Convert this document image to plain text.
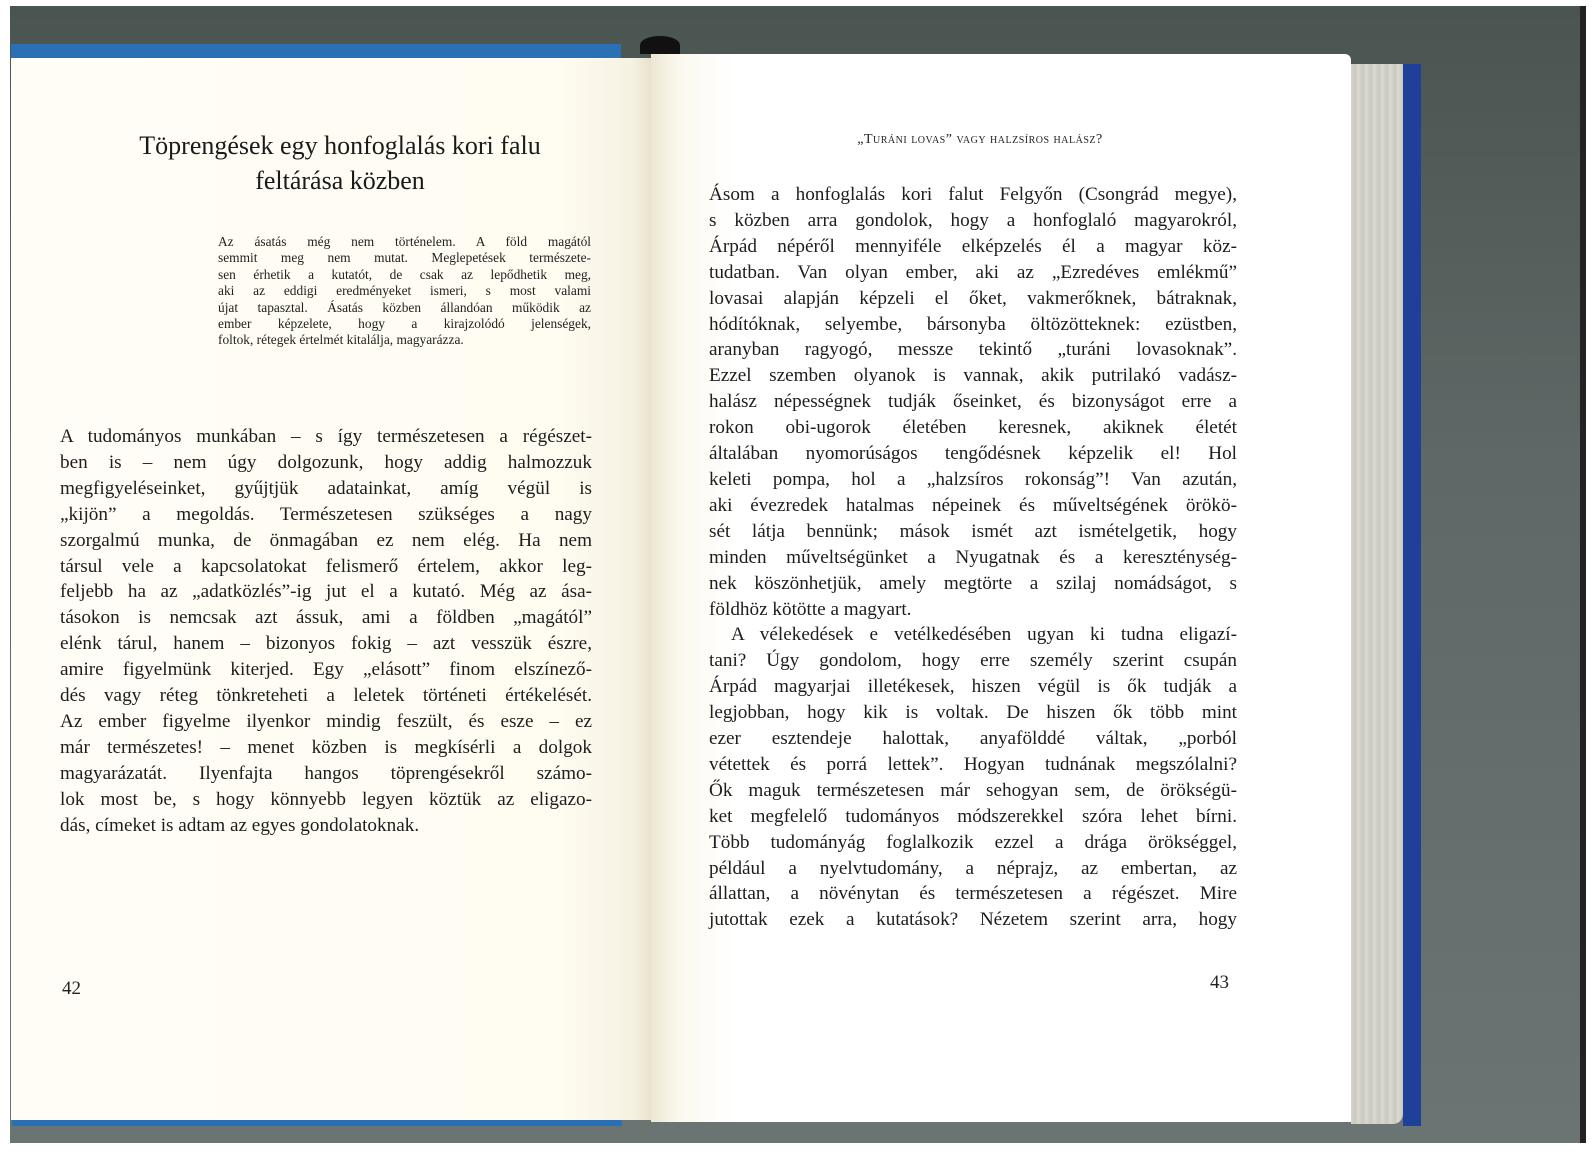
Töprengések egy honfoglalás kori falu
feltárása közben
Az ásatás még nem történelem. A föld magától
semmit meg nem mutat. Meglepetések természete-
sen érhetik a kutatót, de csak az lepődhetik meg,
aki az eddigi eredményeket ismeri, s most valami
újat tapasztal. Ásatás közben állandóan működik az
ember képzelete, hogy a kirajzolódó jelenségek,
foltok, rétegek értelmét kitalálja, magyarázza.
A tudományos munkában – s így természetesen a régészet-
ben is – nem úgy dolgozunk, hogy addig halmozzuk
megfigyeléseinket, gyűjtjük adatainkat, amíg végül is
„kijön” a megoldás. Természetesen szükséges a nagy
szorgalmú munka, de önmagában ez nem elég. Ha nem
társul vele a kapcsolatokat felismerő értelem, akkor leg-
feljebb ha az „adatközlés”-ig jut el a kutató. Még az ása-
tásokon is nemcsak azt ássuk, ami a földben „magától”
elénk tárul, hanem – bizonyos fokig – azt vesszük észre,
amire figyelmünk kiterjed. Egy „elásott” finom elszínező-
dés vagy réteg tönkreteheti a leletek történeti értékelését.
Az ember figyelme ilyenkor mindig feszült, és esze – ez
már természetes! – menet közben is megkísérli a dolgok
magyarázatát. Ilyenfajta hangos töprengésekről számo-
lok most be, s hogy könnyebb legyen köztük az eligazo-
dás, címeket is adtam az egyes gondolatoknak.
42
„Turáni lovas” vagy halzsíros halász?
Ásom a honfoglalás kori falut Felgyőn (Csongrád megye),
s közben arra gondolok, hogy a honfoglaló magyarokról,
Árpád népéről mennyiféle elképzelés él a magyar köz-
tudatban. Van olyan ember, aki az „Ezredéves emlékmű”
lovasai alapján képzeli el őket, vakmerőknek, bátraknak,
hódítóknak, selyembe, bársonyba öltözötteknek: ezüstben,
aranyban ragyogó, messze tekintő „turáni lovasoknak”.
Ezzel szemben olyanok is vannak, akik putrilakó vadász-
halász népességnek tudják őseinket, és bizonyságot erre a
rokon obi-ugorok életében keresnek, akiknek életét
általában nyomorúságos tengődésnek képzelik el! Hol
keleti pompa, hol a „halzsíros rokonság”! Van azután,
aki évezredek hatalmas népeinek és műveltségének örökö-
sét látja bennünk; mások ismét azt ismételgetik, hogy
minden műveltségünket a Nyugatnak és a kereszténység-
nek köszönhetjük, amely megtörte a szilaj nomádságot, s
földhöz kötötte a magyart.
A vélekedések e vetélkedésében ugyan ki tudna eligazí-
tani? Úgy gondolom, hogy erre személy szerint csupán
Árpád magyarjai illetékesek, hiszen végül is ők tudják a
legjobban, hogy kik is voltak. De hiszen ők több mint
ezer esztendeje halottak, anyafölddé váltak, „porból
vétettek és porrá lettek”. Hogyan tudnának megszólalni?
Ők maguk természetesen már sehogyan sem, de örökségü-
ket megfelelő tudományos módszerekkel szóra lehet bírni.
Több tudományág foglalkozik ezzel a drága örökséggel,
például a nyelvtudomány, a néprajz, az embertan, az
állattan, a növénytan és természetesen a régészet. Mire
jutottak ezek a kutatások? Nézetem szerint arra, hogy
43
